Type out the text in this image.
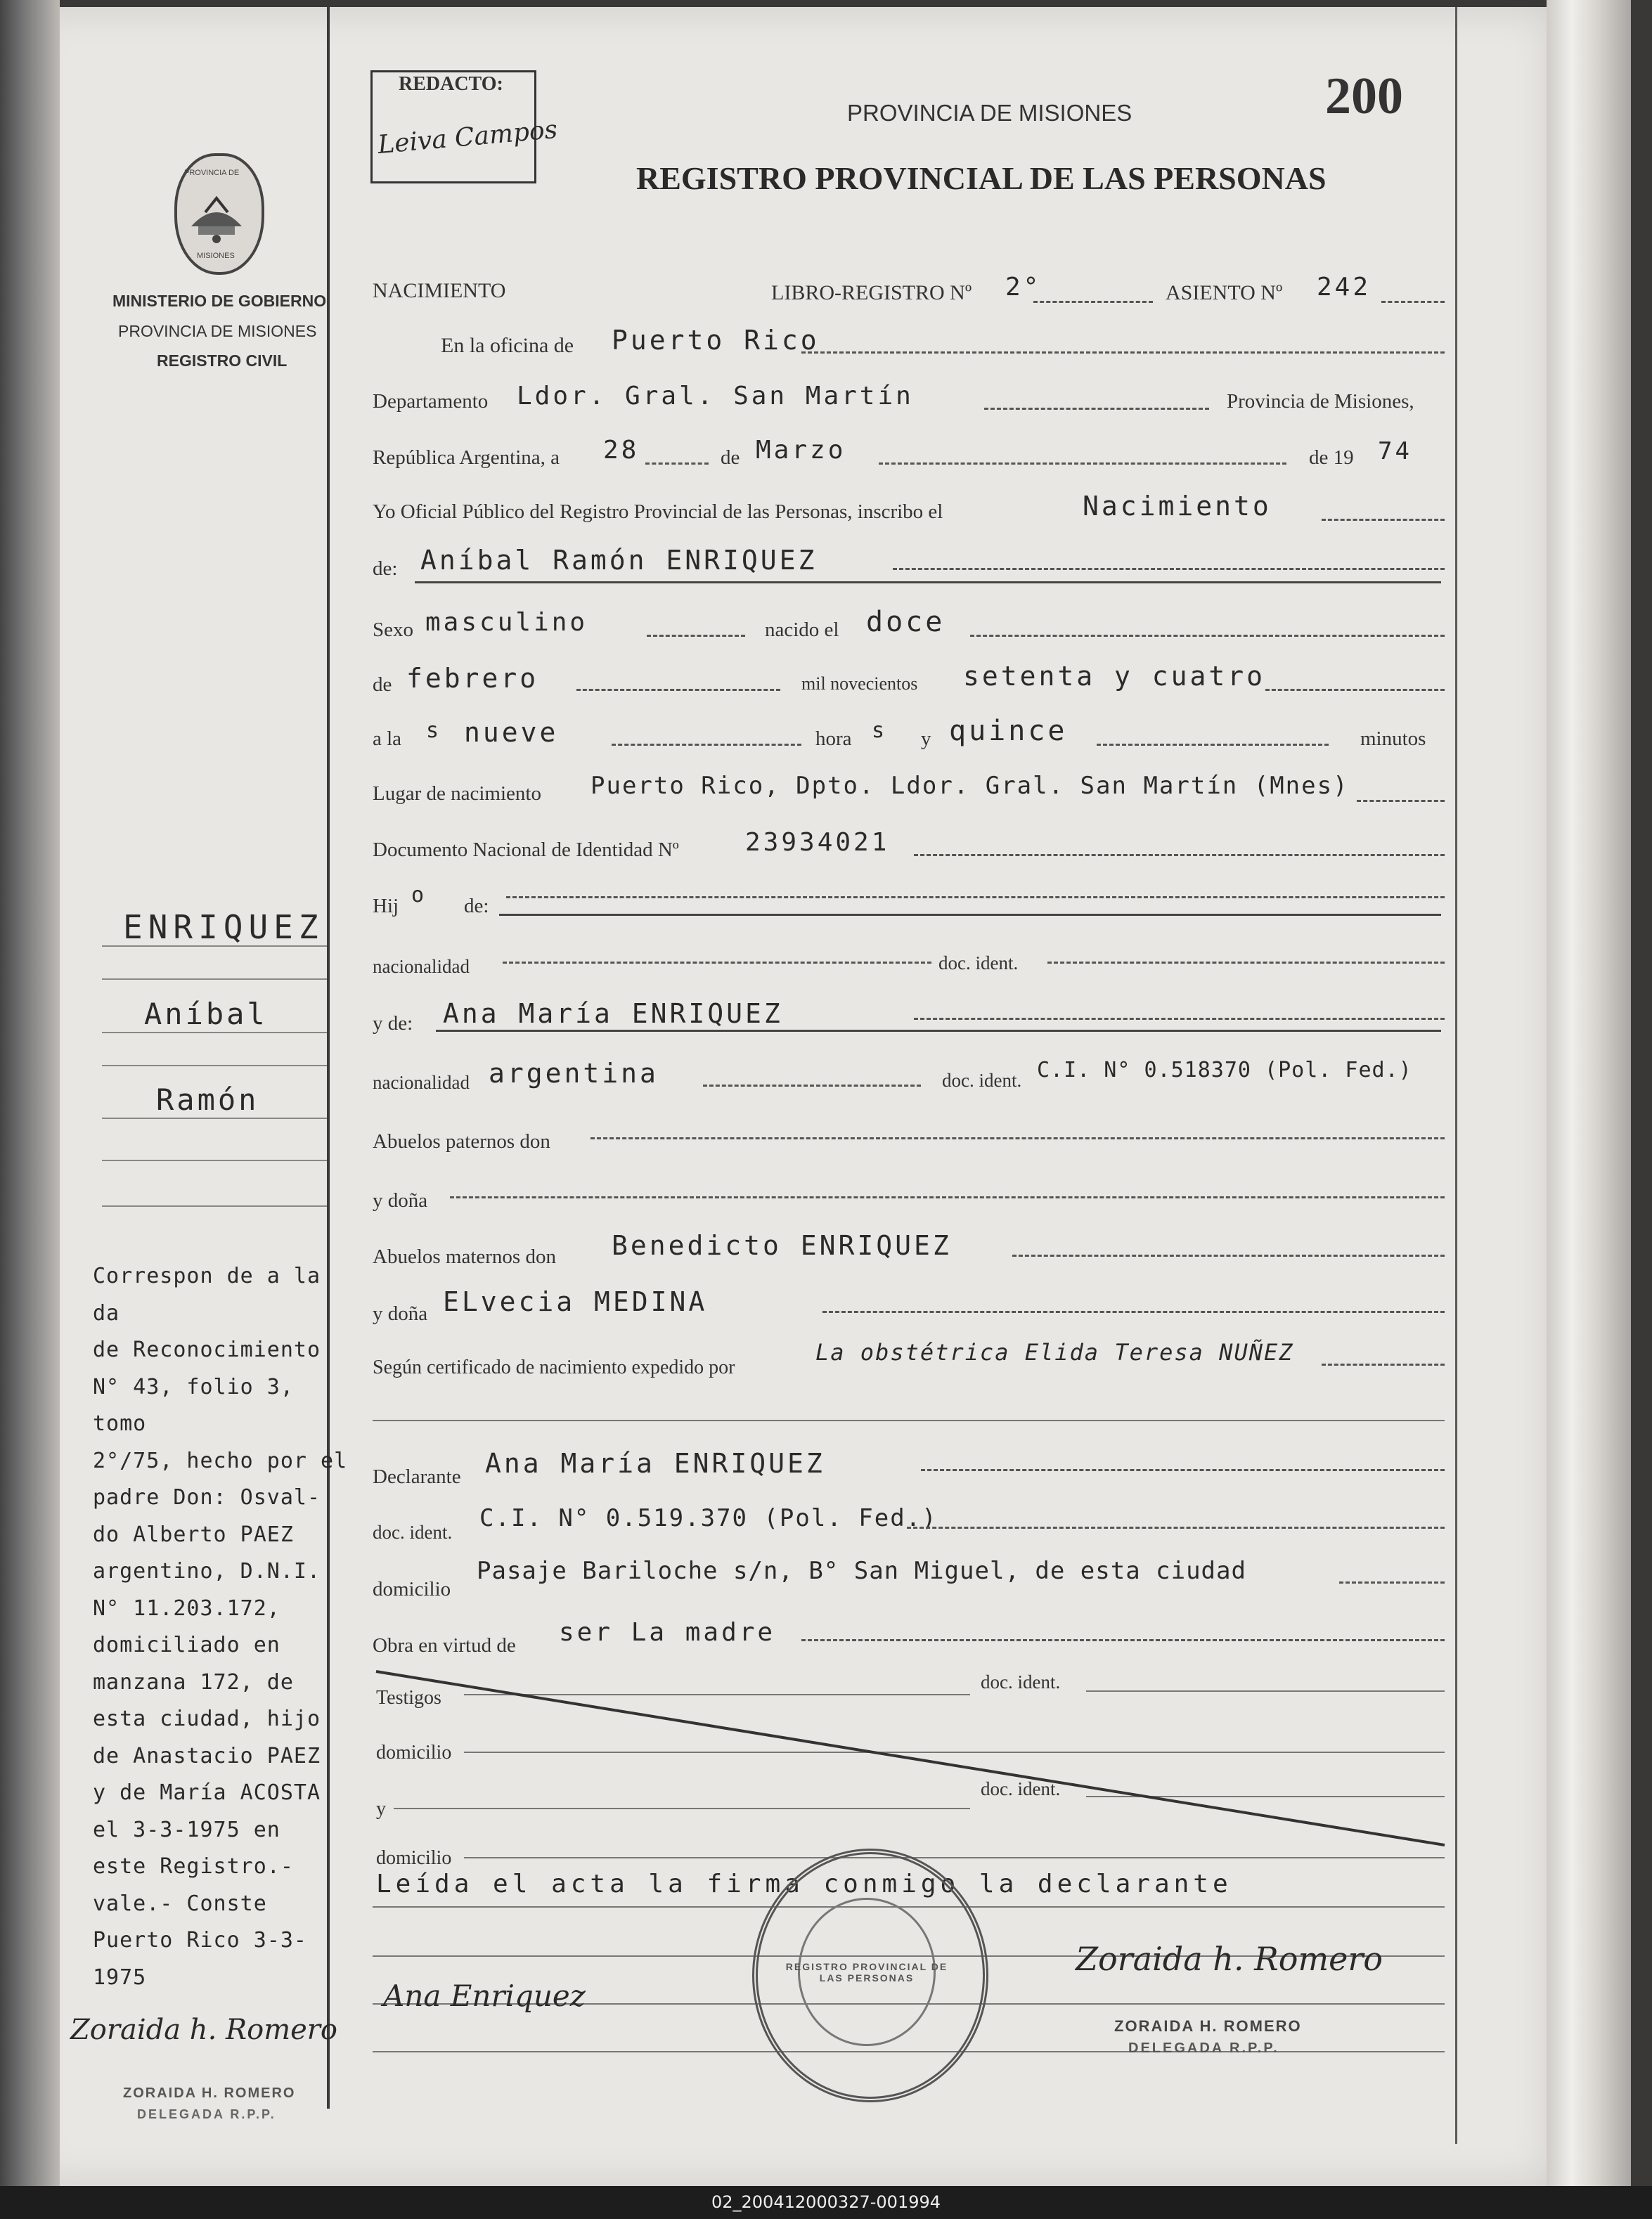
REDACTO:
Leiva Campos
200
PROVINCIA DE MISIONES
REGISTRO PROVINCIAL DE LAS PERSONAS
PROVINCIA DE
MISIONES
MINISTERIO DE GOBIERNO
PROVINCIA DE MISIONES
REGISTRO CIVIL
ENRIQUEZ
Aníbal
Ramón
Correspon de a la da
de Reconocimiento
N° 43, folio 3, tomo
2°/75, hecho por el
padre Don: Osval-
do Alberto PAEZ
argentino, D.N.I.
N° 11.203.172,
domiciliado en
manzana 172, de
esta ciudad, hijo
de Anastacio PAEZ
y de María ACOSTA
el 3-3-1975 en
este Registro.-
vale.- Conste
Puerto Rico 3-3-1975
Zoraida h. Romero
ZORAIDA H. ROMERO
DELEGADA R.P.P.
NACIMIENTO	LIBRO-REGISTRO Nº 2°	ASIENTO Nº 242
En la oficina de Puerto Rico
Departamento Ldor. Gral. San Martín	Provincia de Misiones,
República Argentina, a 28	de Marzo	de 19 74
Yo Oficial Público del Registro Provincial de las Personas, inscribo el	Nacimiento
de: Aníbal Ramón ENRIQUEZ
Sexo masculino	nacido el doce
de febrero	mil novecientos setenta y cuatro
a la s nueve	hora s y quince	minutos
Lugar de nacimiento Puerto Rico, Dpto. Ldor. Gral. San Martín (Mnes)
Documento Nacional de Identidad Nº	23934021
Hij o de:
nacionalidad	doc. ident.
y de: Ana María ENRIQUEZ
nacionalidad argentina	doc. ident. C.I. N° 0.518370 (Pol. Fed.)
Abuelos paternos don
y doña
Abuelos maternos don Benedicto ENRIQUEZ
y doña ELvecia MEDINA
Según certificado de nacimiento expedido por
La obstétrica Elida Teresa NUÑEZ
Declarante Ana María ENRIQUEZ
doc. ident. C.I. N° 0.519.370 (Pol. Fed.)
domicilio
Pasaje Bariloche s/n, B° San Miguel, de esta ciudad
Obra en virtud de ser La madre
Testigos
doc. ident.
domicilio
y
doc. ident.
domicilio
Leída el acta la firma conmigo la declarante
REGISTRO PROVINCIAL DE LAS PERSONAS
Ana Enriquez
Zoraida h. Romero
ZORAIDA H. ROMERO
DELEGADA R.P.P.
02_200412000327-001994
